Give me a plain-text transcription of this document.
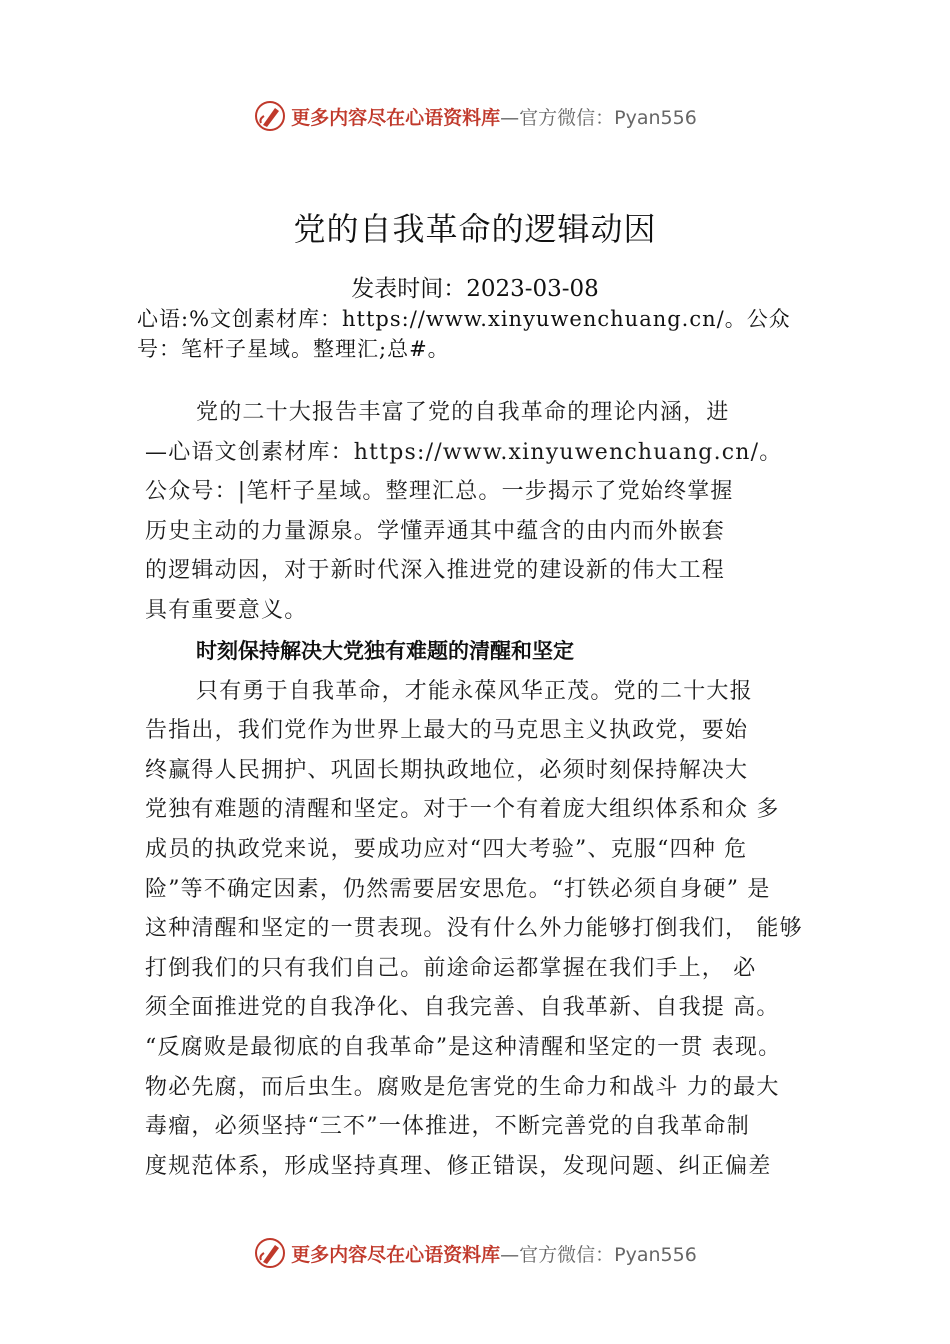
更多内容尽在心语资料库 —官方微信：Pyan556
党的自我革命的逻辑动因
发表时间：2023-03-08
心语:%文创素材库：https://www.xinyuwenchuang.cn/。公众
号：笔杆子星域。整理汇;总#。
党的二十大报告丰富了党的自我革命的理论内涵，进
—心语文创素材库：https://www.xinyuwenchuang.cn/。
公众号：|笔杆子星域。整理汇总。一步揭示了党始终掌握
历史主动的力量源泉。学懂弄通其中蕴含的由内而外嵌套
的逻辑动因，对于新时代深入推进党的建设新的伟大工程
具有重要意义。
时刻保持解决大党独有难题的清醒和坚定
只有勇于自我革命，才能永葆风华正茂。党的二十大报
告指出，我们党作为世界上最大的马克思主义执政党，要始
终赢得人民拥护、巩固长期执政地位，必须时刻保持解决大
党独有难题的清醒和坚定。对于一个有着庞大组织体系和众 多
成员的执政党来说，要成功应对“四大考验”、克服“四种 危
险”等不确定因素，仍然需要居安思危。“打铁必须自身硬” 是
这种清醒和坚定的一贯表现。没有什么外力能够打倒我们， 能够
打倒我们的只有我们自己。前途命运都掌握在我们手上， 必
须全面推进党的自我净化、自我完善、自我革新、自我提 高。
“反腐败是最彻底的自我革命”是这种清醒和坚定的一贯 表现。
物必先腐，而后虫生。腐败是危害党的生命力和战斗 力的最大
毒瘤，必须坚持“三不”一体推进，不断完善党的自我革命制
度规范体系，形成坚持真理、修正错误，发现问题、纠正偏差
更多内容尽在心语资料库 —官方微信：Pyan556
